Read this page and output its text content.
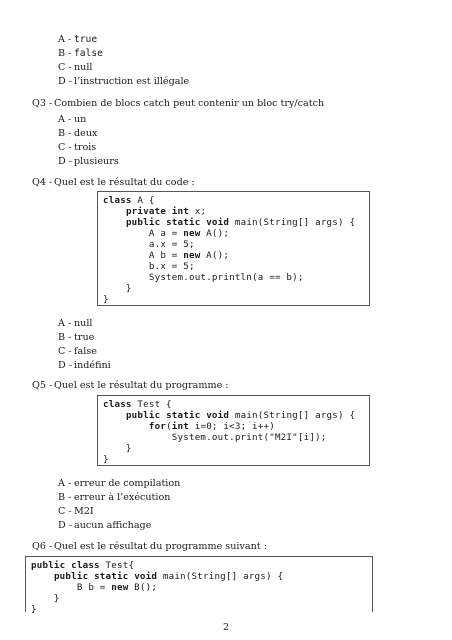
A - true
B - false
C - null
D - l’instruction est illégale
Q3 - Combien de blocs catch peut contenir un bloc try/catch
A - un
B - deux
C - trois
D - plusieurs
Q4 - Quel est le résultat du code :
class A {
private int x;
public static void main(String[] args) {
A a = new A();
a.x = 5;
A b = new A();
b.x = 5;
System.out.println(a == b);
}
}
A - null
B - true
C - false
D - indéfini
Q5 - Quel est le résultat du programme :
class Test {
public static void main(String[] args) {
for(int i=0; i<3; i++)
System.out.print("M2I"[i]);
}
}
A - erreur de compilation
B - erreur à l’exécution
C - M2I
D - aucun affichage
Q6 - Quel est le résultat du programme suivant :
public class Test{
public static void main(String[] args) {
B b = new B();
}
}
2
